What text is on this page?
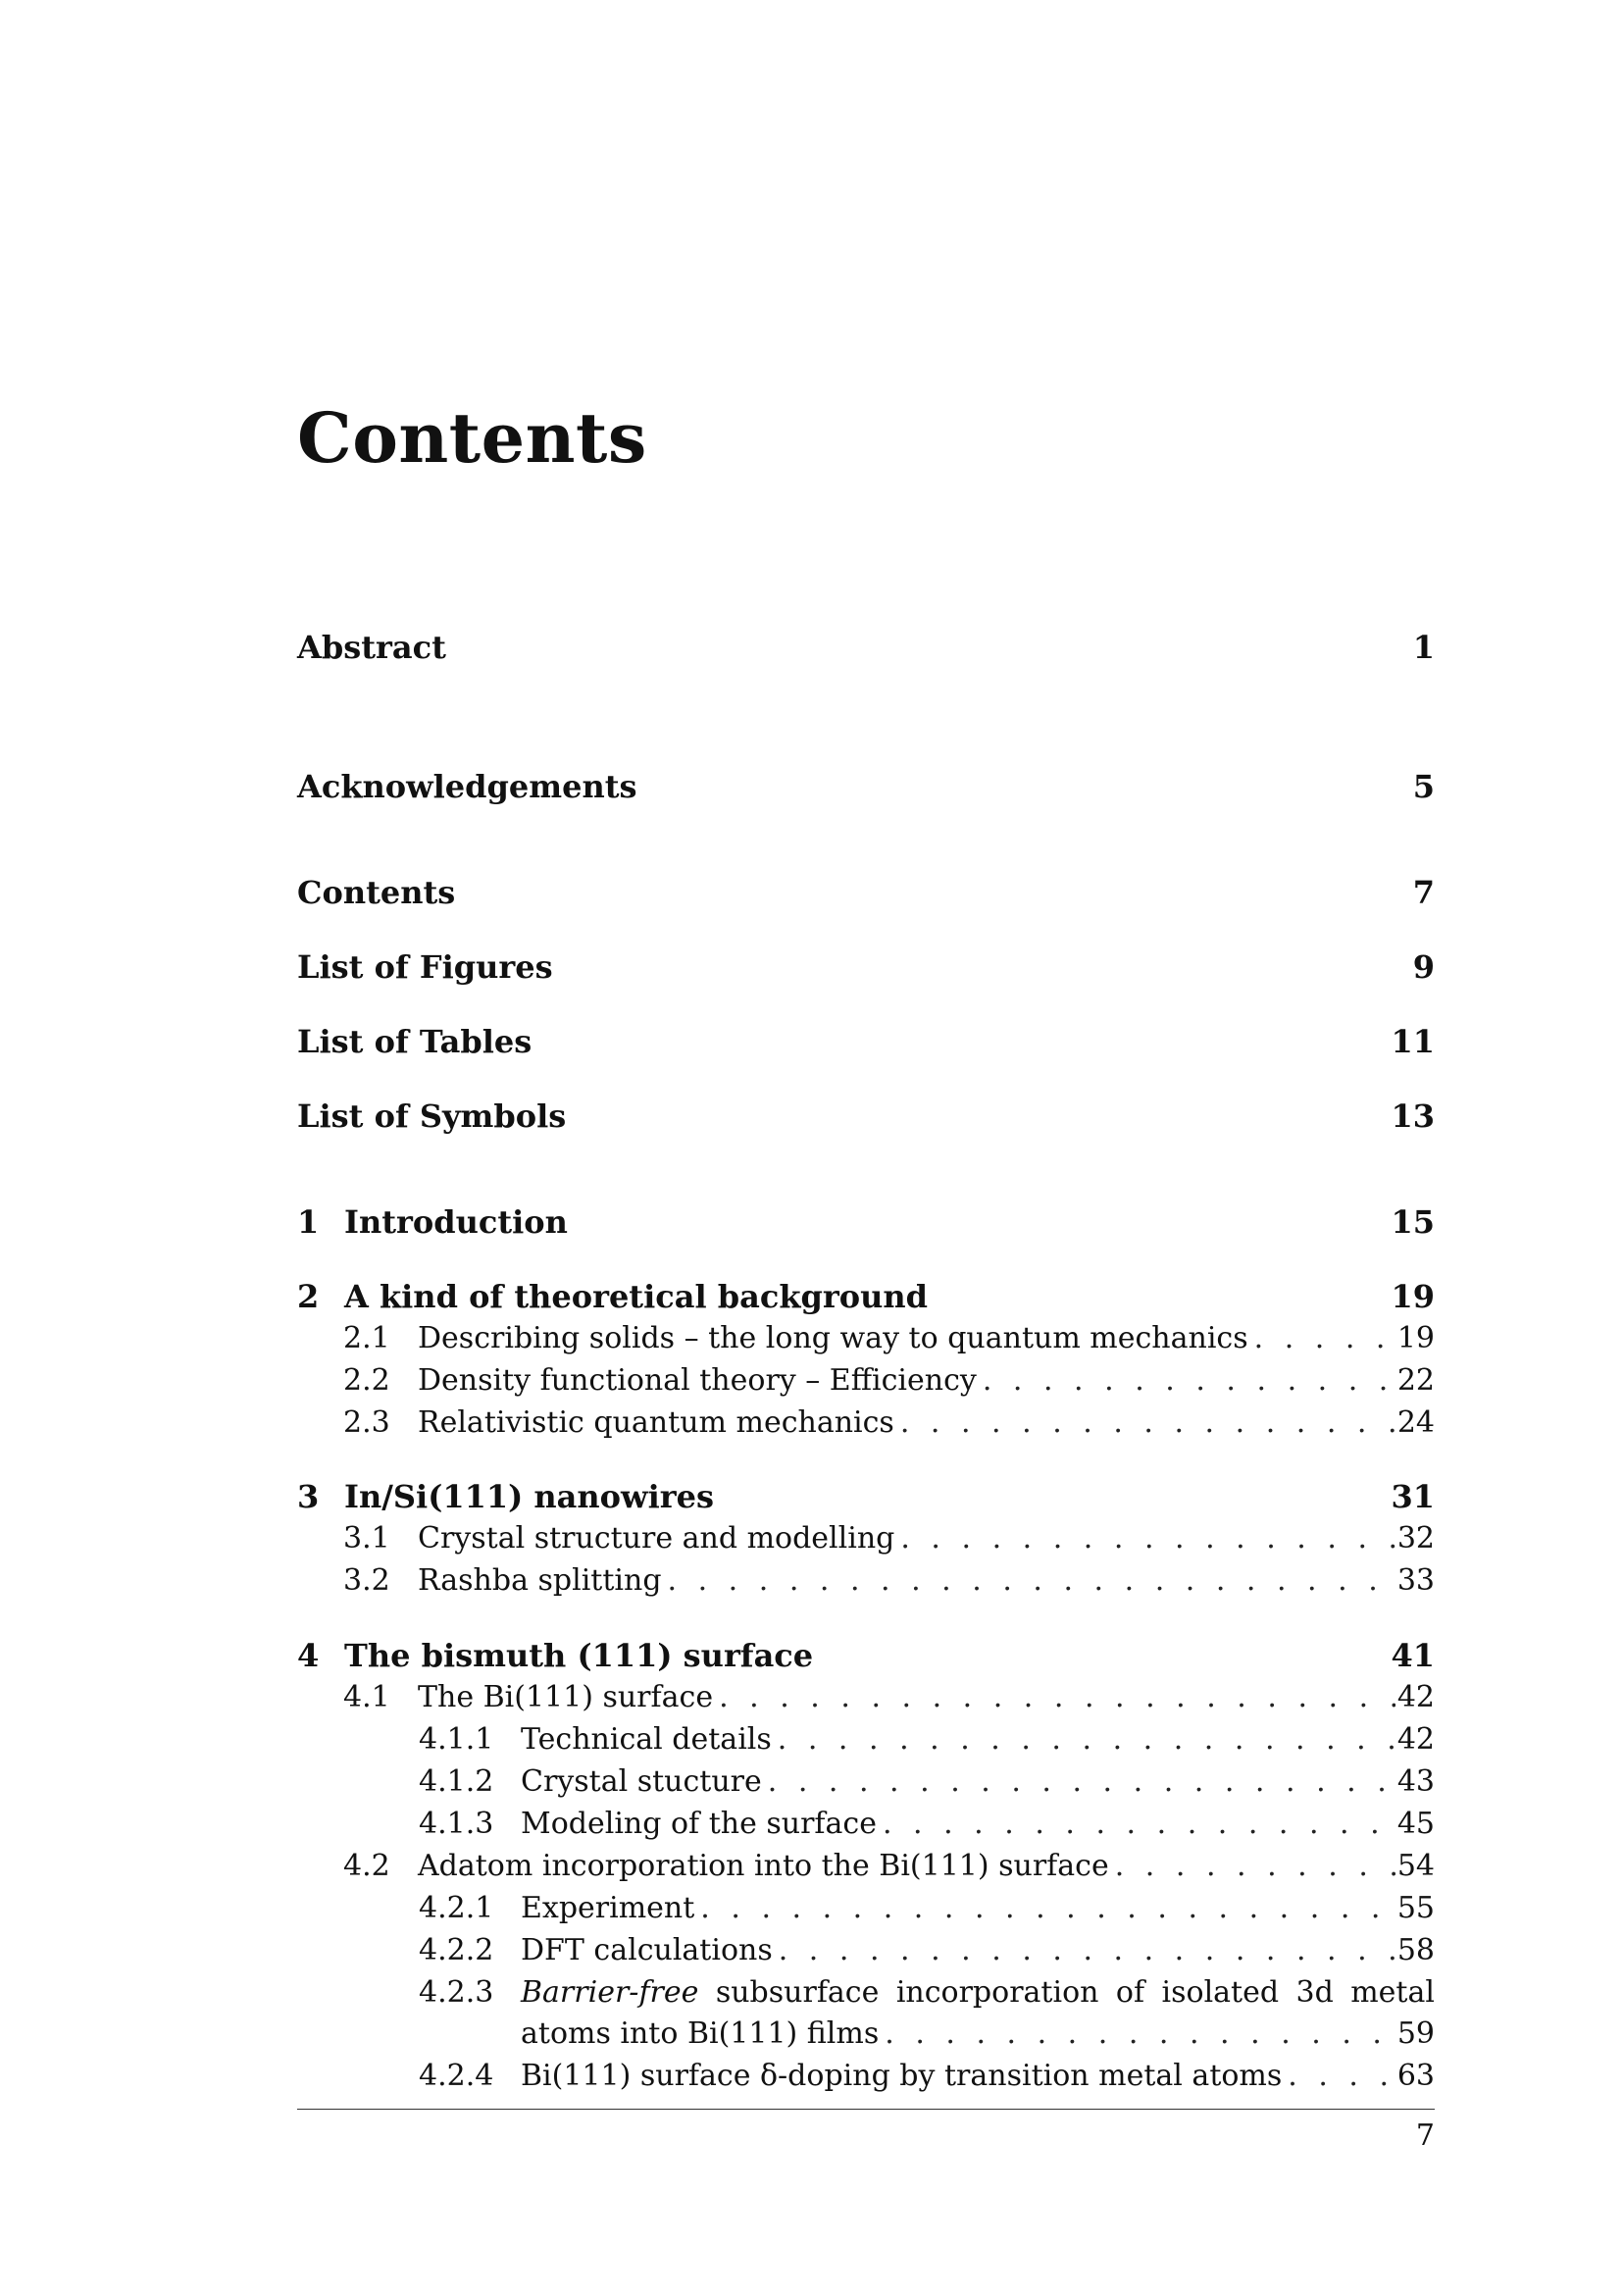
Contents
Abstract	1
Acknowledgements	5
Contents	7
List of Figures	9
List of Tables	11
List of Symbols	13
1 Introduction	15
2 A kind of theoretical background	19
2.1 Describing solids – the long way to quantum mechanics . . .	19
2.2 Density functional theory – Efficiency . . .	22
2.3 Relativistic quantum mechanics . . .	24
3 In/Si(111) nanowires	31
3.1 Crystal structure and modelling . . .	32
3.2 Rashba splitting . . .	33
4 The bismuth (111) surface	41
4.1 The Bi(111) surface . . .	42
4.1.1 Technical details . . .	42
4.1.2 Crystal stucture . . .	43
4.1.3 Modeling of the surface . . .	45
4.2 Adatom incorporation into the Bi(111) surface . . .	54
4.2.1 Experiment . . .	55
4.2.2 DFT calculations . . .	58
4.2.3 Barrier-free subsurface incorporation of isolated 3d metal
atoms into Bi(111) films . . .	59
4.2.4 Bi(111) surface δ-doping by transition metal atoms . . .	63
7
